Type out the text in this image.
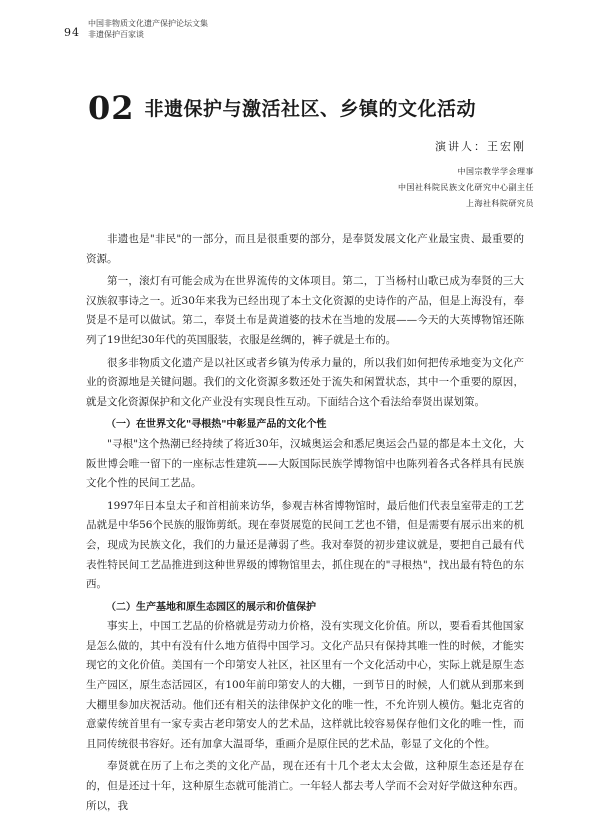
94
中国非物质文化遗产保护论坛文集
非遗保护百家谈
02 非遗保护与激活社区、乡镇的文化活动
演讲人：王宏刚
中国宗教学学会理事
中国社科院民族文化研究中心副主任
上海社科院研究员

非遗也是"非民"的一部分，而且是很重要的部分，是奉贤发展文化产业最宝贵、最重要的资源。

第一，滚灯有可能会成为在世界流传的文体项目。第二，丁当杨村山歌已成为奉贤的三大汉族叙事诗之一。近30年来我为已经出现了本土文化资源的史诗作的产品，但是上海没有，奉贤是不是可以做试。第二，奉贤土布是黄道婆的技术在当地的发展——今天的大英博物馆还陈列了19世纪30年代的英国服装，衣服是丝绸的，裤子就是土布的。

很多非物质文化遗产是以社区或者乡镇为传承力量的，所以我们如何把传承地变为文化产业的资源地是关键问题。我们的文化资源多数还处于流失和闲置状态，其中一个重要的原因，就是文化资源保护和文化产业没有实现良性互动。下面结合这个看法给奉贤出谋划策。

（一）在世界文化"寻根热"中彰显产品的文化个性

"寻根"这个热潮已经持续了将近30年，汉城奥运会和悉尼奥运会凸显的都是本土文化，大阪世博会唯一留下的一座标志性建筑——大阪国际民族学博物馆中也陈列着各式各样具有民族文化个性的民间工艺品。

1997年日本皇太子和首相前来访华，参观吉林省博物馆时，最后他们代表皇室带走的工艺品就是中华56个民族的服饰剪纸。现在奉贤展览的民间工艺也不错，但是需要有展示出来的机会，现成为民族文化，我们的力量还是薄弱了些。我对奉贤的初步建议就是，要把自己最有代表性特民间工艺品推进到这种世界级的博物馆里去，抓住现在的"寻根热"，找出最有特色的东西。

（二）生产基地和原生态园区的展示和价值保护

事实上，中国工艺品的价格就是劳动力价格，没有实现文化价值。所以，要看看其他国家是怎么做的，其中有没有什么地方值得中国学习。文化产品只有保持其唯一性的时候，才能实现它的文化价值。美国有一个印第安人社区，社区里有一个文化活动中心，实际上就是原生态生产园区，原生态活园区，有100年前印第安人的大棚，一到节日的时候，人们就从到那来到大棚里参加庆祝活动。他们还有相关的法律保护文化的唯一性，不允许别人模仿。魁北克省的意蒙传统首里有一家专卖古老印第安人的艺术品，这样就比较容易保存他们文化的唯一性，而且同传统很书容好。还有加拿大温哥华，重画介是原住民的艺术品，彰显了文化的个性。

奉贤就在历了上布之类的文化产品，现在还有十几个老太太会做，这种原生态还是存在的，但是还过十年，这种原生态就可能消亡。一年轻人都去考人学而不会对好学做这种东西。所以，我
